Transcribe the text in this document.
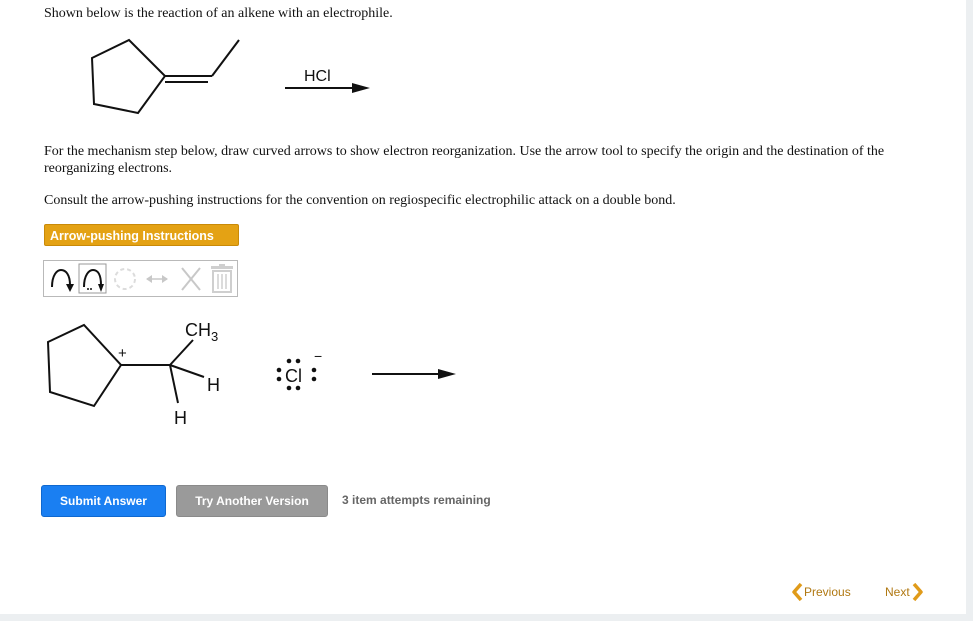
Shown below is the reaction of an alkene with an electrophile.

HCl

For the mechanism step below, draw curved arrows to show electron reorganization. Use the arrow tool to specify the origin and the destination of the reorganizing electrons.

Consult the arrow-pushing instructions for the convention on regiospecific electrophilic attack on a double bond.

Arrow-pushing Instructions
+
$CH_3$
H
H
Cl
−
Submit Answer	Try Another Version	3 item attempts remaining
Previous	Next
